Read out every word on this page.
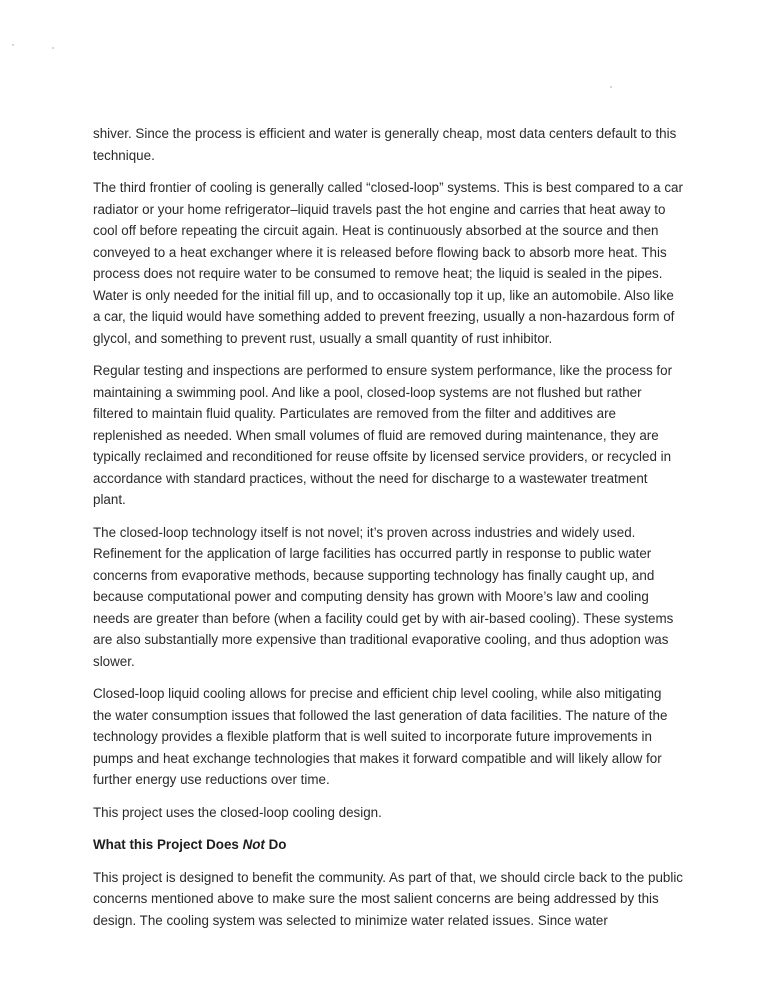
shiver. Since the process is efficient and water is generally cheap, most data centers default to this technique.

The third frontier of cooling is generally called “closed-loop” systems. This is best compared to a car radiator or your home refrigerator–liquid travels past the hot engine and carries that heat away to cool off before repeating the circuit again. Heat is continuously absorbed at the source and then conveyed to a heat exchanger where it is released before flowing back to absorb more heat. This process does not require water to be consumed to remove heat; the liquid is sealed in the pipes. Water is only needed for the initial fill up, and to occasionally top it up, like an automobile. Also like a car, the liquid would have something added to prevent freezing, usually a non-hazardous form of glycol, and something to prevent rust, usually a small quantity of rust inhibitor.

Regular testing and inspections are performed to ensure system performance, like the process for maintaining a swimming pool. And like a pool, closed-loop systems are not flushed but rather filtered to maintain fluid quality. Particulates are removed from the filter and additives are replenished as needed. When small volumes of fluid are removed during maintenance, they are typically reclaimed and reconditioned for reuse offsite by licensed service providers, or recycled in accordance with standard practices, without the need for discharge to a wastewater treatment plant.

The closed-loop technology itself is not novel; it’s proven across industries and widely used. Refinement for the application of large facilities has occurred partly in response to public water concerns from evaporative methods, because supporting technology has finally caught up, and because computational power and computing density has grown with Moore’s law and cooling needs are greater than before (when a facility could get by with air-based cooling). These systems are also substantially more expensive than traditional evaporative cooling, and thus adoption was slower.

Closed-loop liquid cooling allows for precise and efficient chip level cooling, while also mitigating the water consumption issues that followed the last generation of data facilities. The nature of the technology provides a flexible platform that is well suited to incorporate future improvements in pumps and heat exchange technologies that makes it forward compatible and will likely allow for further energy use reductions over time.

This project uses the closed-loop cooling design.

What this Project Does Not Do

This project is designed to benefit the community. As part of that, we should circle back to the public concerns mentioned above to make sure the most salient concerns are being addressed by this design. The cooling system was selected to minimize water related issues. Since water
